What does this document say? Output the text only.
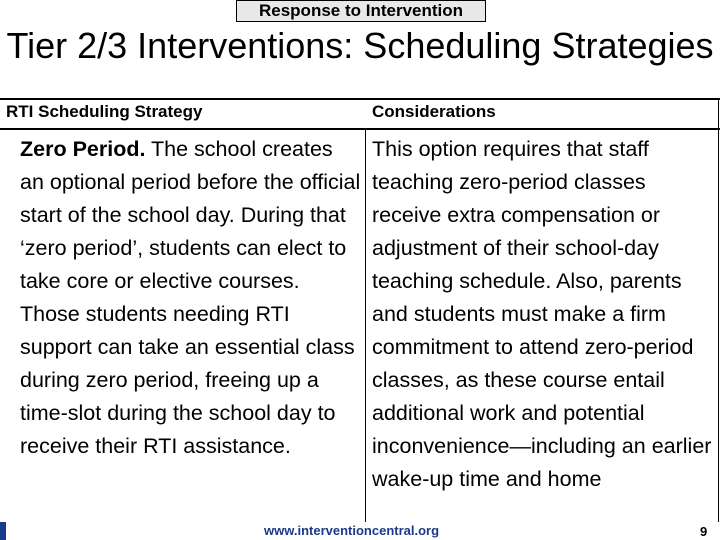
Response to Intervention
Tier 2/3 Interventions: Scheduling Strategies
RTI Scheduling Strategy	Considerations
Zero Period. The school creates an optional period before the official start of the school day. During that ‘zero period’, students can elect to take core or elective courses. Those students needing RTI support can take an essential class during zero period, freeing up a time-slot during the school day to receive their RTI assistance.
This option requires that staff teaching zero-period classes receive extra compensation or adjustment of their school-day teaching schedule. Also, parents and students must make a firm commitment to attend zero-period classes, as these course entail additional work and potential inconvenience—including an earlier wake-up time and home
www.interventioncentral.org	9
